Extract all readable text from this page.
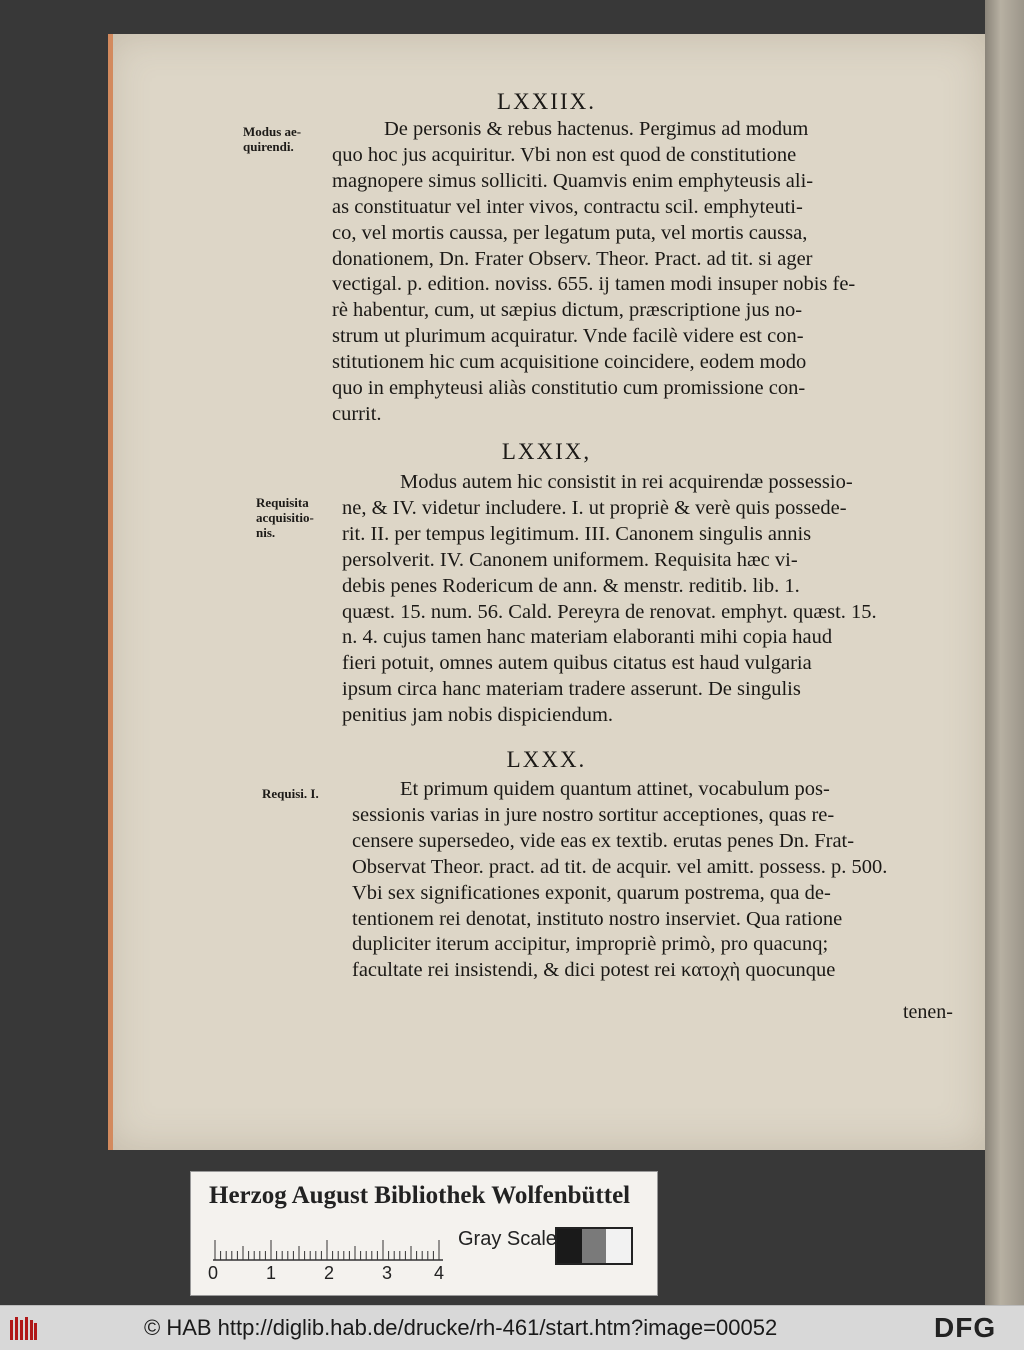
LXXIIX.
LXXIX,
LXXX.
Modus ae-
quirendi.
Requisita
acquisitio-
nis.
Requisi. I.
De personis & rebus hactenus. Pergimus ad modum
quo hoc jus acquiritur. Vbi non est quod de constitutione
magnopere simus solliciti. Quamvis enim emphyteusis ali-
as constituatur vel inter vivos, contractu scil. emphyteuti-
co, vel mortis caussa, per legatum puta, vel mortis caussa,
donationem, Dn. Frater Observ. Theor. Pract. ad tit. si ager
vectigal. p. edition. noviss. 655. ij tamen modi insuper nobis fe-
rè habentur, cum, ut sæpius dictum, præscriptione jus no-
strum ut plurimum acquiratur. Vnde facilè videre est con-
stitutionem hic cum acquisitione coincidere, eodem modo
quo in emphyteusi aliàs constitutio cum promissione con-
currit.
Modus autem hic consistit in rei acquirendæ possessio-
ne, & IV. videtur includere. I. ut propriè & verè quis possede-
rit. II. per tempus legitimum. III. Canonem singulis annis
persolverit. IV. Canonem uniformem. Requisita hæc vi-
debis penes Rodericum de ann. & menstr. reditib. lib. 1.
quæst. 15. num. 56. Cald. Pereyra de renovat. emphyt. quæst. 15.
n. 4. cujus tamen hanc materiam elaboranti mihi copia haud
fieri potuit, omnes autem quibus citatus est haud vulgaria
ipsum circa hanc materiam tradere asserunt. De singulis
penitius jam nobis dispiciendum.
Et primum quidem quantum attinet, vocabulum pos-
sessionis varias in jure nostro sortitur acceptiones, quas re-
censere supersedeo, vide eas ex textib. erutas penes Dn. Frat-
Observat Theor. pract. ad tit. de acquir. vel amitt. possess. p. 500.
Vbi sex significationes exponit, quarum postrema, qua de-
tentionem rei denotat, instituto nostro inserviet. Qua ratione
dupliciter iterum accipitur, impropriè primò, pro quacunq;
facultate rei insistendi, & dici potest rei κατοχὴ quocunque
tenen-
Herzog August Bibliothek Wolfenbüttel
0	1	2	3 4
Gray Scale
© HAB http://diglib.hab.de/drucke/rh-461/start.htm?image=00052	DFG
